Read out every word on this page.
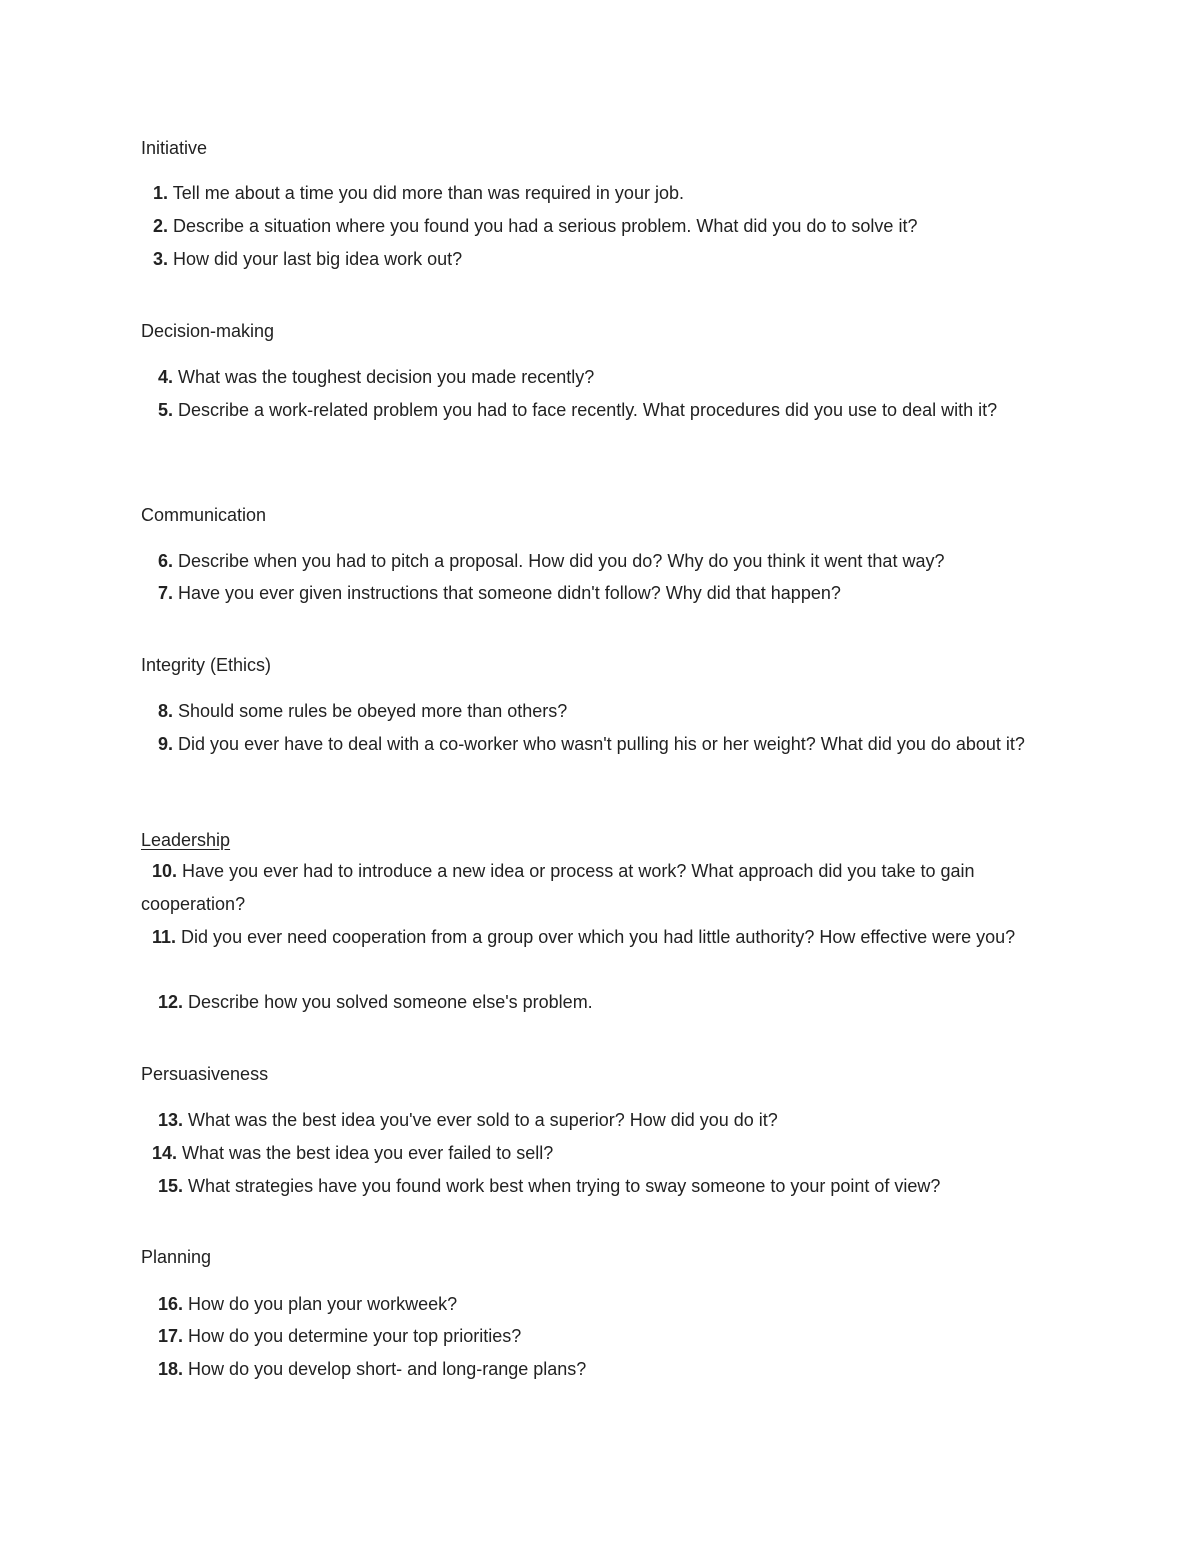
Initiative
1. Tell me about a time you did more than was required in your job.
2. Describe a situation where you found you had a serious problem. What did you do to solve it?
3. How did your last big idea work out?
Decision-making
4. What was the toughest decision you made recently?
5. Describe a work-related problem you had to face recently. What procedures did you use to deal with it?
Communication
6. Describe when you had to pitch a proposal. How did you do? Why do you think it went that way?
7. Have you ever given instructions that someone didn't follow? Why did that happen?
Integrity (Ethics)
8. Should some rules be obeyed more than others?
9. Did you ever have to deal with a co-worker who wasn't pulling his or her weight? What did you do about it?
Leadership
10. Have you ever had to introduce a new idea or process at work? What approach did you take to gain cooperation?
11. Did you ever need cooperation from a group over which you had little authority? How effective were you?
12. Describe how you solved someone else's problem.
Persuasiveness
13. What was the best idea you've ever sold to a superior? How did you do it?
14. What was the best idea you ever failed to sell?
15. What strategies have you found work best when trying to sway someone to your point of view?
Planning
16. How do you plan your workweek?
17. How do you determine your top priorities?
18. How do you develop short- and long-range plans?
